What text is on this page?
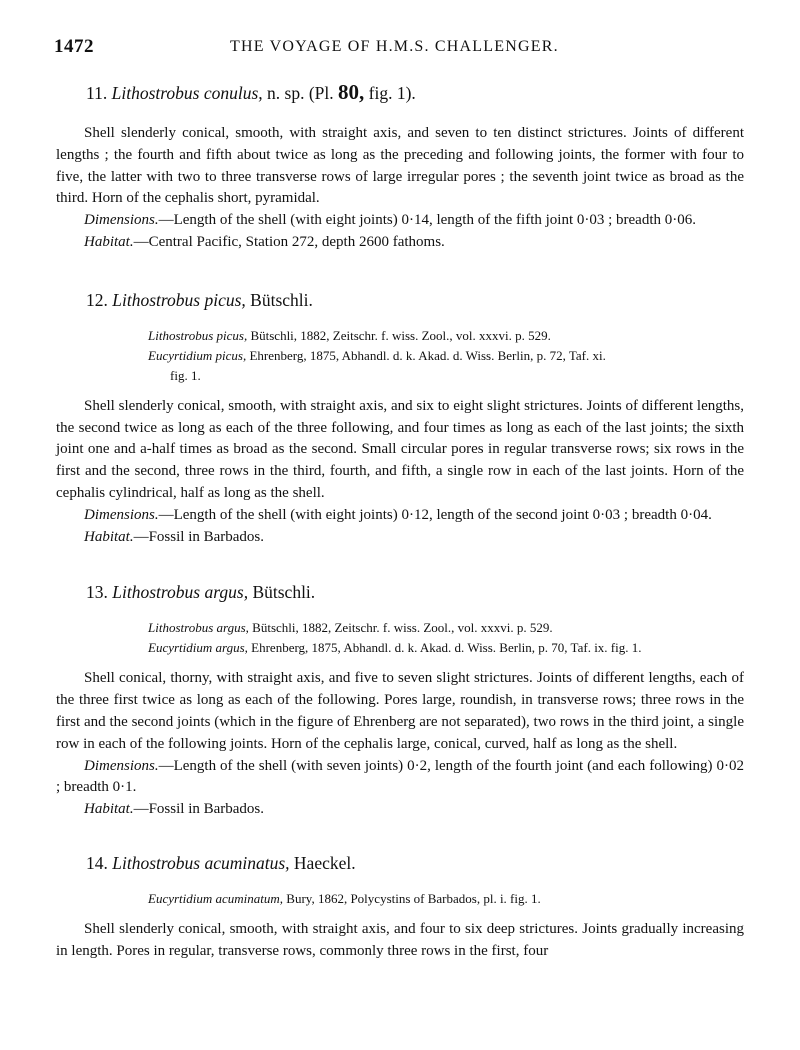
1472	THE VOYAGE OF H.M.S. CHALLENGER.
11. Lithostrobus conulus, n. sp. (Pl. 80, fig. 1).

Shell slenderly conical, smooth, with straight axis, and seven to ten distinct strictures. Joints of different lengths ; the fourth and fifth about twice as long as the preceding and following joints, the former with four to five, the latter with two to three transverse rows of large irregular pores ; the seventh joint twice as broad as the third. Horn of the cephalis short, pyramidal.

Dimensions.—Length of the shell (with eight joints) 0·14, length of the fifth joint 0·03 ; breadth 0·06.

Habitat.—Central Pacific, Station 272, depth 2600 fathoms.

12. Lithostrobus picus, Bütschli.
Lithostrobus picus, Bütschli, 1882, Zeitschr. f. wiss. Zool., vol. xxxvi. p. 529.
Eucyrtidium picus, Ehrenberg, 1875, Abhandl. d. k. Akad. d. Wiss. Berlin, p. 72, Taf. xi.
fig. 1.

Shell slenderly conical, smooth, with straight axis, and six to eight slight strictures. Joints of different lengths, the second twice as long as each of the three following, and four times as long as each of the last joints; the sixth joint one and a-half times as broad as the second. Small circular pores in regular transverse rows; six rows in the first and the second, three rows in the third, fourth, and fifth, a single row in each of the last joints. Horn of the cephalis cylindrical, half as long as the shell.

Dimensions.—Length of the shell (with eight joints) 0·12, length of the second joint 0·03 ; breadth 0·04.

Habitat.—Fossil in Barbados.

13. Lithostrobus argus, Bütschli.
Lithostrobus argus, Bütschli, 1882, Zeitschr. f. wiss. Zool., vol. xxxvi. p. 529.
Eucyrtidium argus, Ehrenberg, 1875, Abhandl. d. k. Akad. d. Wiss. Berlin, p. 70, Taf. ix. fig. 1.

Shell conical, thorny, with straight axis, and five to seven slight strictures. Joints of different lengths, each of the three first twice as long as each of the following. Pores large, roundish, in transverse rows; three rows in the first and the second joints (which in the figure of Ehrenberg are not separated), two rows in the third joint, a single row in each of the following joints. Horn of the cephalis large, conical, curved, half as long as the shell.

Dimensions.—Length of the shell (with seven joints) 0·2, length of the fourth joint (and each following) 0·02 ; breadth 0·1.

Habitat.—Fossil in Barbados.

14. Lithostrobus acuminatus, Haeckel.
Eucyrtidium acuminatum, Bury, 1862, Polycystins of Barbados, pl. i. fig. 1.

Shell slenderly conical, smooth, with straight axis, and four to six deep strictures. Joints gradually increasing in length. Pores in regular, transverse rows, commonly three rows in the first, four
